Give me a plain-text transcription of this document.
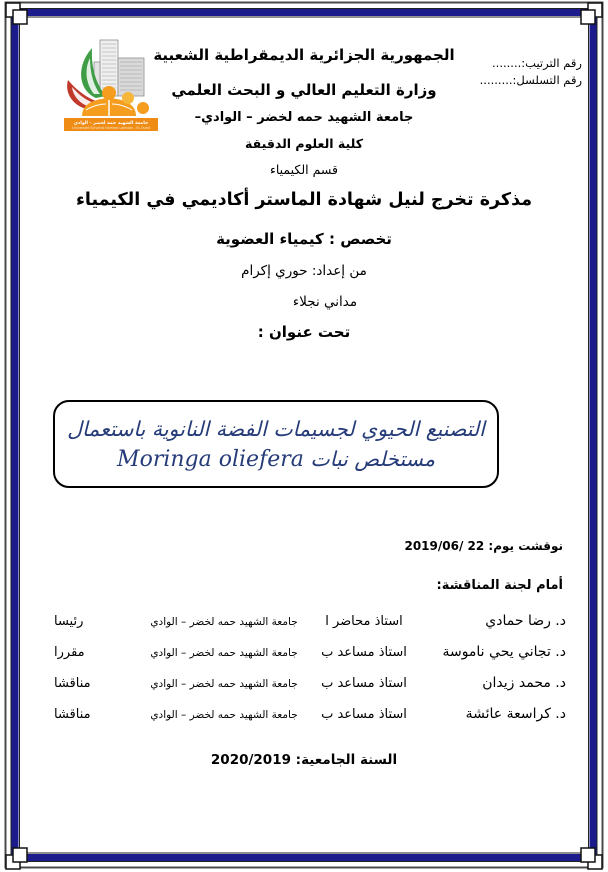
رقم الترتيب:........
رقم التسلسل:.........
جامعة الشهيد حمه لخضر - الوادي
Université Echahid Hamma Lakhdar - El-Oued
الجمهورية الجزائرية الديمقراطية الشعبية
وزارة التعليم العالي و البحث العلمي
جامعة الشهيد حمه لخضر – الوادي–
كلية العلوم الدقيقة
قسم الكيمياء
مذكرة تخرج لنيل شهادة الماستر أكاديمي في الكيمياء
تخصص : كيمياء العضوية
من إعداد: حوري إكرام
مداني نجلاء
تحت عنوان :
التصنيع الحيوي لجسيمات الفضة النانوية باستعمال
مستخلص نبات Moringa oliefera
نوقشت يوم: 2019/06/ 22
أمام لجنة المناقشة:
د. رضا حمادي
استاذ محاضر ا
جامعة الشهيد حمه لخضر – الوادي
رئيسا
د. تجاني يحي ناموسة
استاذ مساعد ب
جامعة الشهيد حمه لخضر – الوادي
مقررا
د. محمد زيدان
استاذ مساعد ب
جامعة الشهيد حمه لخضر – الوادي
مناقشا
د. كراسعة عائشة
استاذ مساعد ب
جامعة الشهيد حمه لخضر – الوادي
مناقشا
السنة الجامعية: 2020/2019
